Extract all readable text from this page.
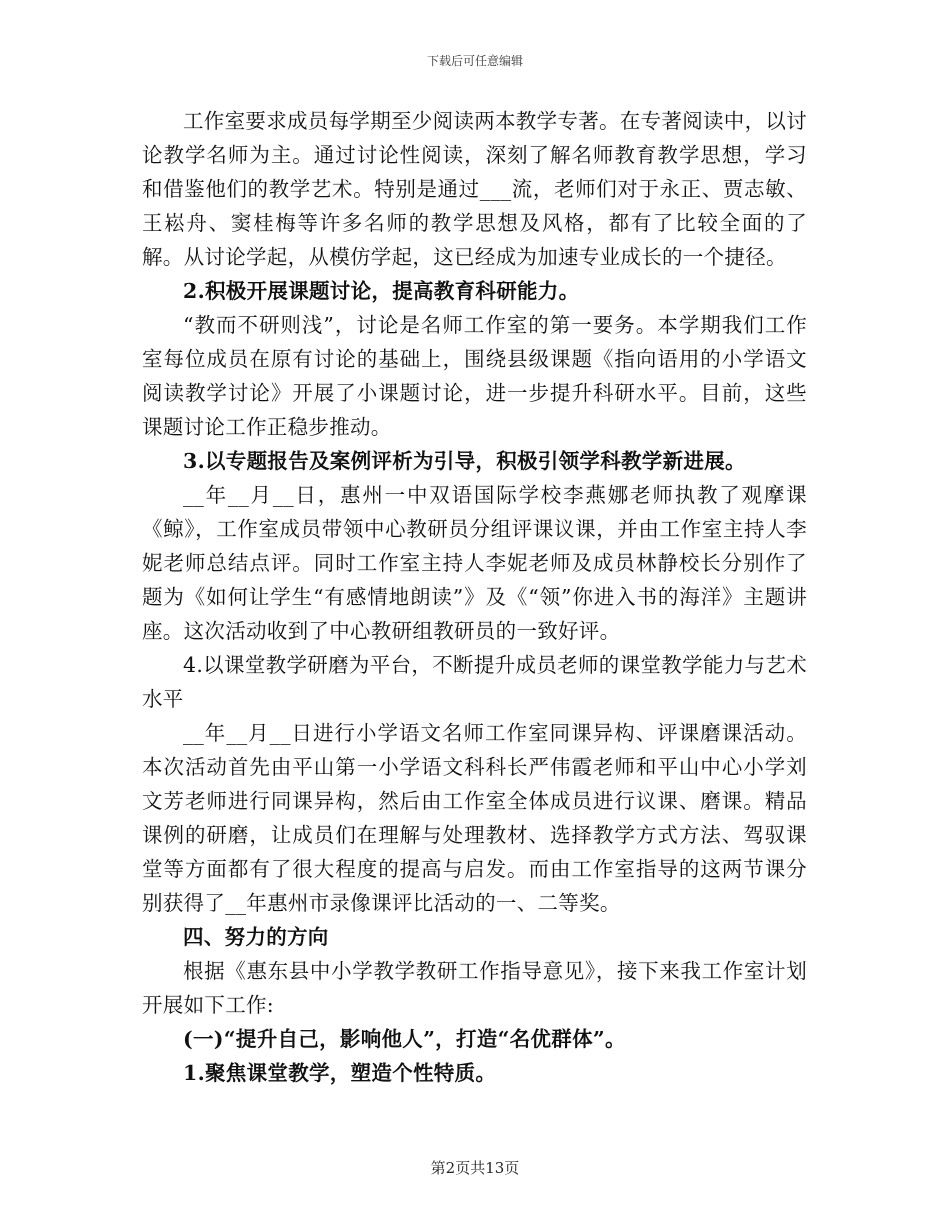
下载后可任意编辑

工作室要求成员每学期至少阅读两本教学专著。在专著阅读中，以讨论教学名师为主。通过讨论性阅读，深刻了解名师教育教学思想，学习和借鉴他们的教学艺术。特别是通过___流，老师们对于永正、贾志敏、王崧舟、窦桂梅等许多名师的教学思想及风格，都有了比较全面的了解。从讨论学起，从模仿学起，这已经成为加速专业成长的一个捷径。

2.积极开展课题讨论，提高教育科研能力。

“教而不研则浅”，讨论是名师工作室的第一要务。本学期我们工作室每位成员在原有讨论的基础上，围绕县级课题《指向语用的小学语文阅读教学讨论》开展了小课题讨论，进一步提升科研水平。目前，这些课题讨论工作正稳步推动。

3.以专题报告及案例评析为引导，积极引领学科教学新进展。

__年__月__日，惠州一中双语国际学校李燕娜老师执教了观摩课《鲸》，工作室成员带领中心教研员分组评课议课，并由工作室主持人李妮老师总结点评。同时工作室主持人李妮老师及成员林静校长分别作了题为《如何让学生“有感情地朗读”》及《“领”你进入书的海洋》主题讲座。这次活动收到了中心教研组教研员的一致好评。

4.以课堂教学研磨为平台，不断提升成员老师的课堂教学能力与艺术水平

__年__月__日进行小学语文名师工作室同课异构、评课磨课活动。本次活动首先由平山第一小学语文科科长严伟霞老师和平山中心小学刘文芳老师进行同课异构，然后由工作室全体成员进行议课、磨课。精品课例的研磨，让成员们在理解与处理教材、选择教学方式方法、驾驭课堂等方面都有了很大程度的提高与启发。而由工作室指导的这两节课分别获得了__年惠州市录像课评比活动的一、二等奖。

四、努力的方向

根据《惠东县中小学教学教研工作指导意见》，接下来我工作室计划开展如下工作:

(一)“提升自己，影响他人”，打造“名优群体”。

1.聚焦课堂教学，塑造个性特质。

第2页共13页
